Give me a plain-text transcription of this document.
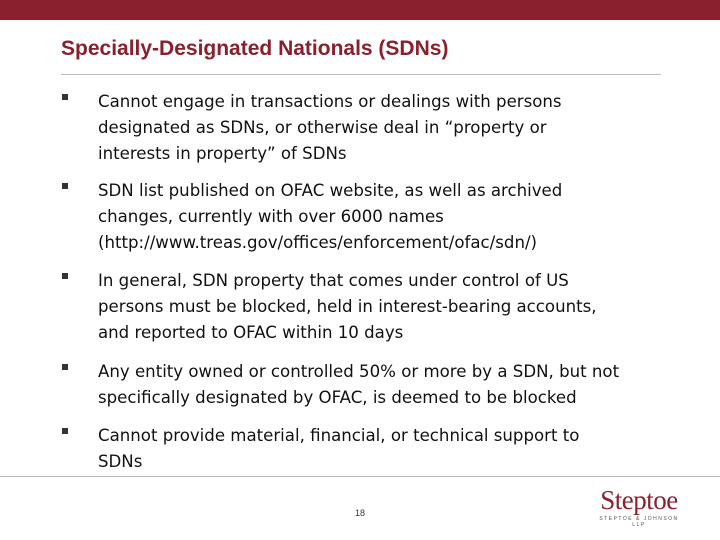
Specially-Designated Nationals (SDNs)
Cannot engage in transactions or dealings with persons
designated as SDNs, or otherwise deal in “property or
interests in property” of SDNs
SDN list published on OFAC website, as well as archived
changes, currently with over 6000 names
(http://www.treas.gov/offices/enforcement/ofac/sdn/)
In general, SDN property that comes under control of US
persons must be blocked, held in interest-bearing accounts,
and reported to OFAC within 10 days
Any entity owned or controlled 50% or more by a SDN, but not
specifically designated by OFAC, is deemed to be blocked
Cannot provide material, financial, or technical support to
SDNs
18	Steptoe
STEPTOE & JOHNSON LLP
